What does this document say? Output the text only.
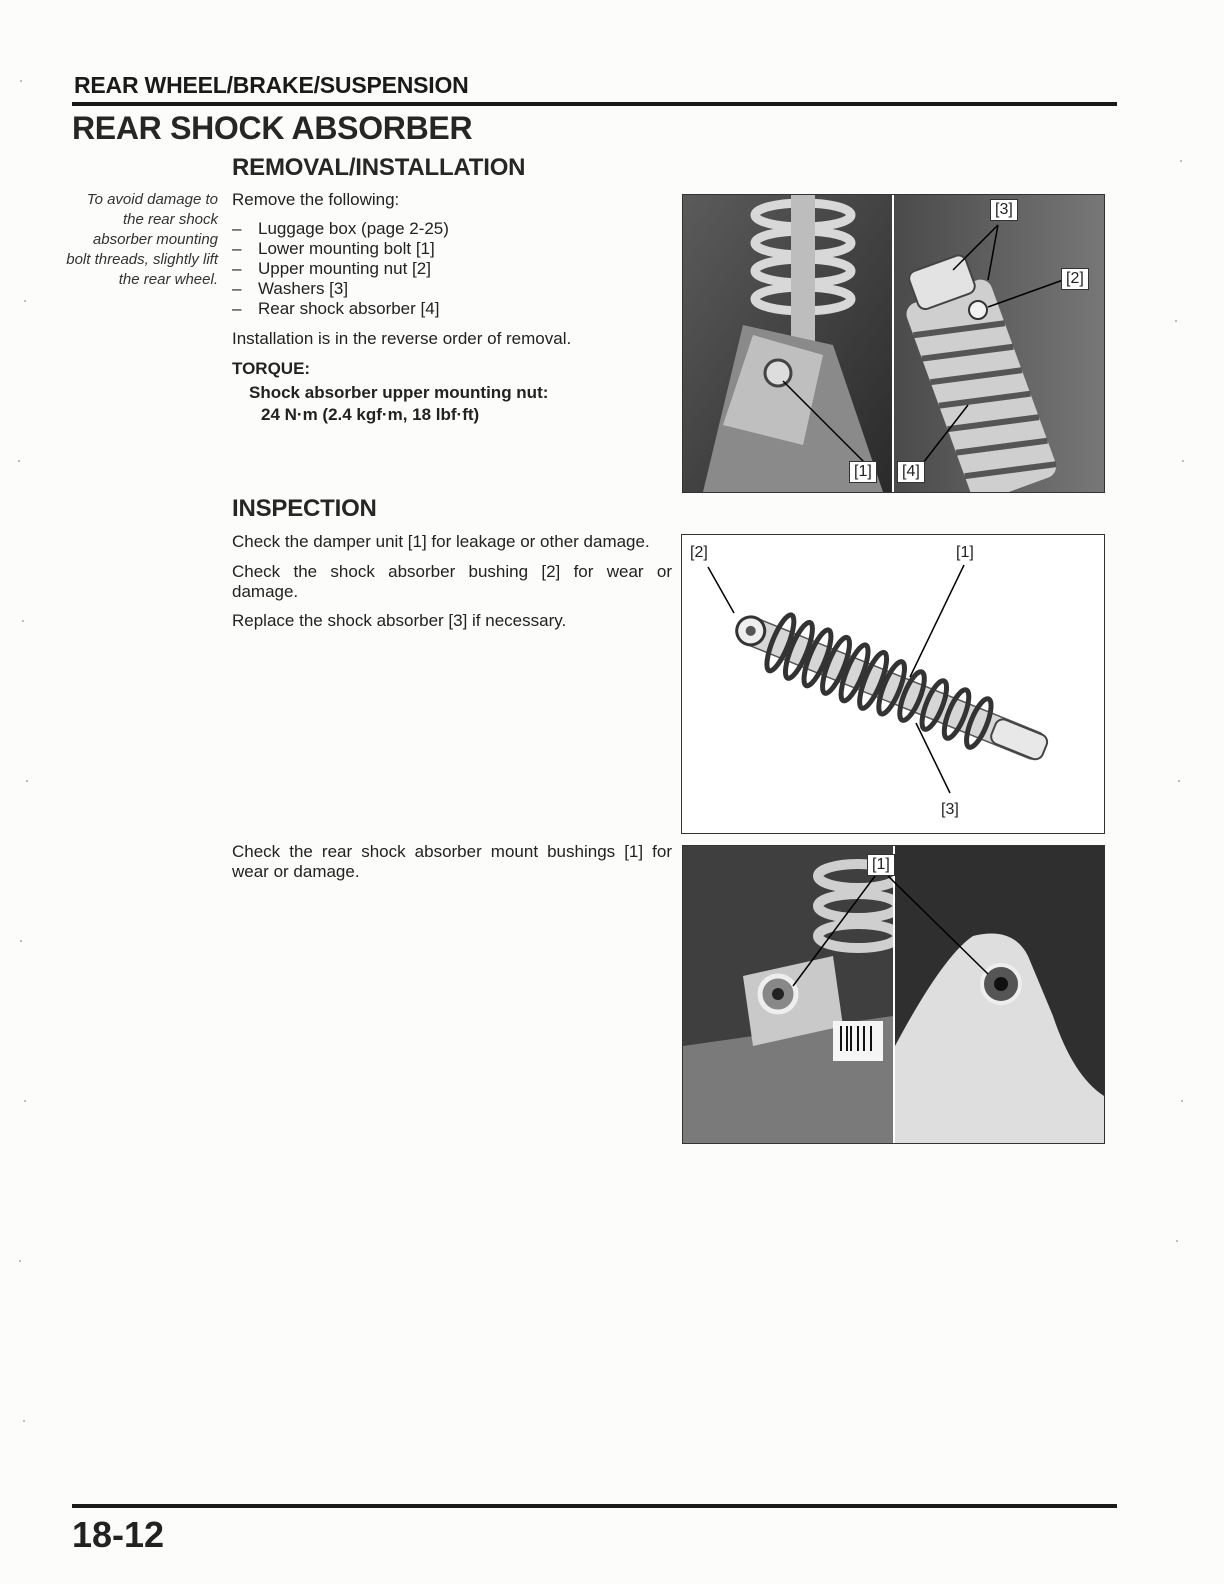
REAR WHEEL/BRAKE/SUSPENSION
REAR SHOCK ABSORBER
REMOVAL/INSTALLATION
To avoid damage to the rear shock absorber mounting bolt threads, slightly lift the rear wheel.
Remove the following:
– Luggage box (page 2-25)
– Lower mounting bolt [1]
– Upper mounting nut [2]
– Washers [3]
– Rear shock absorber [4]
Installation is in the reverse order of removal.
TORQUE:
Shock absorber upper mounting nut:
24 N·m (2.4 kgf·m, 18 lbf·ft)
[1]
[2]
[3]
[4]
INSPECTION
Check the damper unit [1] for leakage or other damage.
Check the shock absorber bushing [2] for wear or damage.
Replace the shock absorber [3] if necessary.
[1]
[2]
[3]
Check the rear shock absorber mount bushings [1] for wear or damage.	[1]
18-12
